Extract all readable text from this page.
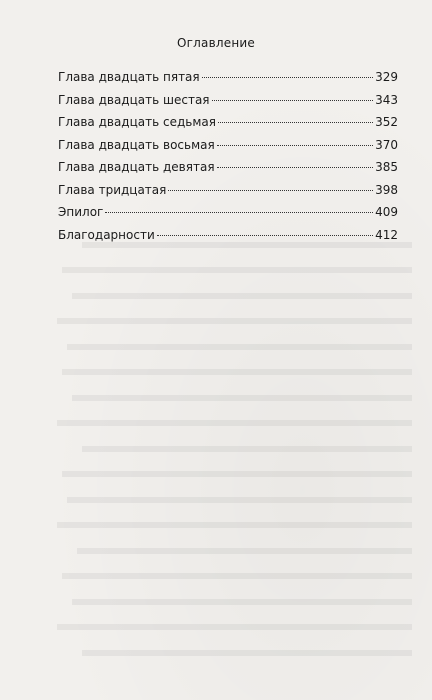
Оглавление
Глава двадцать пятая	329
Глава двадцать шестая	343
Глава двадцать седьмая	352
Глава двадцать восьмая	370
Глава двадцать девятая	385
Глава тридцатая	398
Эпилог	409
Благодарности	412
